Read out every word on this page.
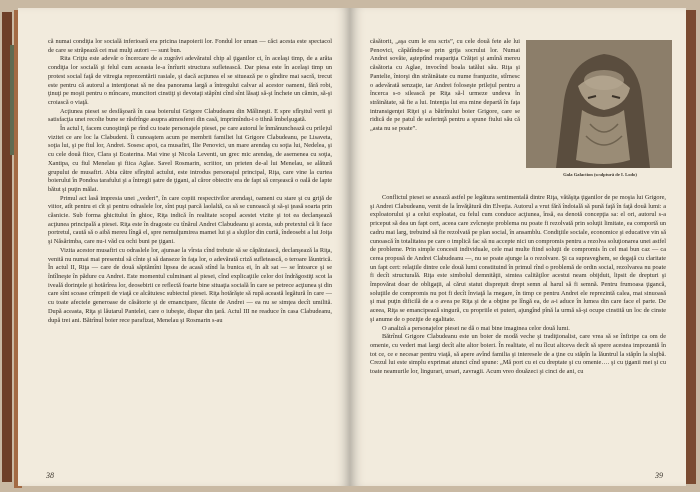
că numai condiţia lor socială inferioară era pricina inapoierii lor. Fondul lor uman — căci acesta este spectacol de care se străpează cei mai mulţi autori — sunt bun.

Rita Criţiu este adevăr o încercare de a zugrăvi adevăratul chip al ţiganilor ci, în acelaşi timp, de a arăta condiţia lor socială şi felul cum aceasta le-a înrîurit structura sufletească. Dar piesa este în acelaşi timp un protest social faţă de vitregia reprezentării rasiale, şi dacă acţiunea el se situează pe o gîndire mai sacră, trecut este pentru că autorul a intenţionat să ne dea panorama largă a întregului calvar al acestor oameni, fără robi, ţinuţi pe moşii pentru o mîncare, muncitori cinstiţi şi devotaţi stăpîni cînd sînt lăsaţi să-şi încheie un cămin, să-şi croiască o viaţă.

Acţiunea piesei se desfăşoară în casa boierului Grigore Clabudeanu din Mălineşti. E spre sfîrşitul verii şi satisfacţia unei recolte bune se răsfrînge asupra atmosferei din casă, imprimîndu-i o tihnă îmbelşugată.

În actul I, facem cunoştinţă pe rînd cu toate personajele piesei, pe care autorul le înmănunchează cu prilejul vizitei ce are loc la Clabudeni. Îi cunoaştem acum pe membrii familiei lui Grigore Clabudeanu, pe Lisaveta, soţia lui, şi pe fiul lor, Andrei. Sosesc apoi, ca musafiri, Ilie Penovici, un mare arendaş cu soţia lui, Nedelea, şi cu cele două fiice, Clara şi Ecaterina. Mai vine şi Nicola Leventi, un grec mic arendaş, de asemenea cu soţia, Xantipa, cu fiul Menelau şi fiica Aglae. Savel Rosmarin, scriitor, un prieten de-al lui Menelau, se alătură grupului de musafiri. Abia către sfîrşitul actului, este introdus personajul principal, Riţa, care vine la curtea boierului în Pondoa tarafului şi a întregii şatre de ţigani, al căror obiectiv era de fapt să cerşească o oală de lapte bătut şi puţin mălai.

Primul act lasă impresia unei „vederi”, în care copiii respectivilor arendaşi, oameni cu stare şi cu grijă de viitor, atît pentru ei cît şi pentru odraslele lor, sînt puşi parcă laolaltă, ca să se cunoască şi să-şi ţeasă soarta prin căsnicie. Sub forma ghicitului în ghioc, Riţa indică în realitate scopul acestei vizite şi tot ea declanşează acţiunea principală a piesei. Riţa este în dragoste cu tînărul Andrei Clabudeanu şi acesta, sub pretextul că îi face portretul, caută să o aibă mereu lîngă el, spre nemulţumirea mamei lui şi a slujilor din curtă, îndeosebi a lui Joiţa şi Năsărimba, care nu-i văd cu ochi buni pe ţigani.

Vizita acestor musafiri cu odraslele lor, ajunsae la vîrsta cînd trebuie să se căpătuiască, declanşează la Riţa, venită nu numai mai presentul să cînte şi să danseze în faţa lor, o adevărată criză sufletească, o teroare lăuntrică. În actul II, Riţa — care de două săptămîni lipsea de acasă stînd la bunica ei, în alt sat — se întoarce şi se întîlneşte în pădure cu Andrei. Este momentul culminant al piesei, cînd explicaţiile celor doi îndrăgostiţi scot la iveală dorinţele şi hotărîrea lor, deosebirii ce reflectă foarte bine situaţia socială în care se petrece acţiunea şi din care sînt scoase crîmpeii de viaţă ce alcătuiesc subiectul piesei. Riţa hotărăşte să rupă această legătură în care — cu toate afectele generoase de căsătorie şi de emancipare, făcute de Andrei — ea nu se simţea decît umilită. După aceasta, Riţa şi lăutarul Pantelei, care o iubeşte, dispar din ţară. Actul III ne readuce în casa Clabudeanu, după trei ani. Bătrînul boier rece parafizat, Menelau şi Rosmarin s-au

38

căsătorit, „aşa cum le era scris”, cu cele două fete ale lui Penovici, căpătîndu-se prin grija socrului lor. Numai Andrei sovăie, aşteptînd reapariţia Crăiţei şi amînă mereu căsătoria cu Aglae, invocînd boala tatălui său. Riţa şi Pantelie, întorşi din străinătate cu nume franţuzite, stîrnesc o adevărată senzaţie, iar Andrei foloseşte prilejul pentru a încerca s-o silească pe Riţa să-l urmeze undeva în străinătate, să fie a lui. Intenţia lui era mine departă în faţa intransigenţei Riţei şi a bătrînului boier Grigore, care se ridică de pe patul de suferinţă pentru a spune fiului său că „asta nu se poate”.

Gala Galaction (sculptură de I. Lodo)

Conflictul piesei se axează astfel pe legătura sentimentală dintre Riţa, vătăşiţa ţiganilor de pe moşia lui Grigore, şi Andrei Clabudeanu, venit de la învăţătură din Elveţia. Autorul a vrut fără îndoială să pună faţă în faţă două lumi: a exploatorului şi a celui exploatat, cu felul cum conduce acţiunea, însă, ea denotă concepţia sa: el ori, autorul s-a priceput să dea un fapt cert, aceea care zvîcneşte problema nu poate fi rezolvată prin soluţii limitate, ea comportă un cadru mai larg, trebuind să fie rezolvată pe plan social, în ansamblu. Condiţiile sociale, economice şi educative vin să cunoască în totalitatea pe care o implică fac să nu accepte nici un compromis pentru a rezolva soluţionarea unei astfel de probleme. Prin simple concesii individuale, cele mai multe fiind soluţii de compromis în cel mai bun caz — ca cerea propusă de Andrei Clabudeanu —, nu se poate ajunge la o rezolvare. Şi ca supraveghem, se degajă cu claritate un fapt cert: relaţiile dintre cele două lumi constituind în primul rînd o problemă de ordin social, rezolvarea nu poate fi decît structurală. Riţa este simbolul demnităţii, simtea calităţilor acestui neam obijduit, lipsit de drepturi şi împovărat doar de obligaţii, al cărui statut dispreţuit drept semn al harul să fi semnă. Pentru frumoasa ţigancă, soluţiile de compromis nu pot fi decît înviaţă la rnegare, în timp ce pentru Andrei ele reprezintă calea, mai sinuoasă şi mai puţin dificilă de a o avea pe Riţa şi de a obţine pe lîngă ea, de a-i aduce în lumea din care face el parte. De aceea, Riţa se emancipează singură, cu propriile ei puteri, ajungînd pînă la urmă să-şi ocupe cinstită un loc de cinste şi anume de o poziţie de egalitate.

O analiză a personajelor piesei ne dă o mai bine imaginea celor două lumi.

Bătrînul Grigore Clabudeanu este un boier de modă veche şi tradiţionalist, care vrea să se înfiripe ca om de omenie, cu vederi mai largi decît alte altor boieri. În realitate, el nu îlcut altceva decît să spere acestea impozantă în tot ce, ce e necesar pentru viaţă, să apere avînd familia şi interesele de a ţine cu stăpîn la lăuntrul la stăpîn la slujbă. Crezul lui este simplu exprimat atunci cînd spune: „Mă port cu ei cu dreptate şi cu omenie…. şi cu ţiganii mei şi cu toate neamurile lor, lingurari, ursari, zavragii. Acum vreo douăzeci şi cinci de ani, cu

39
